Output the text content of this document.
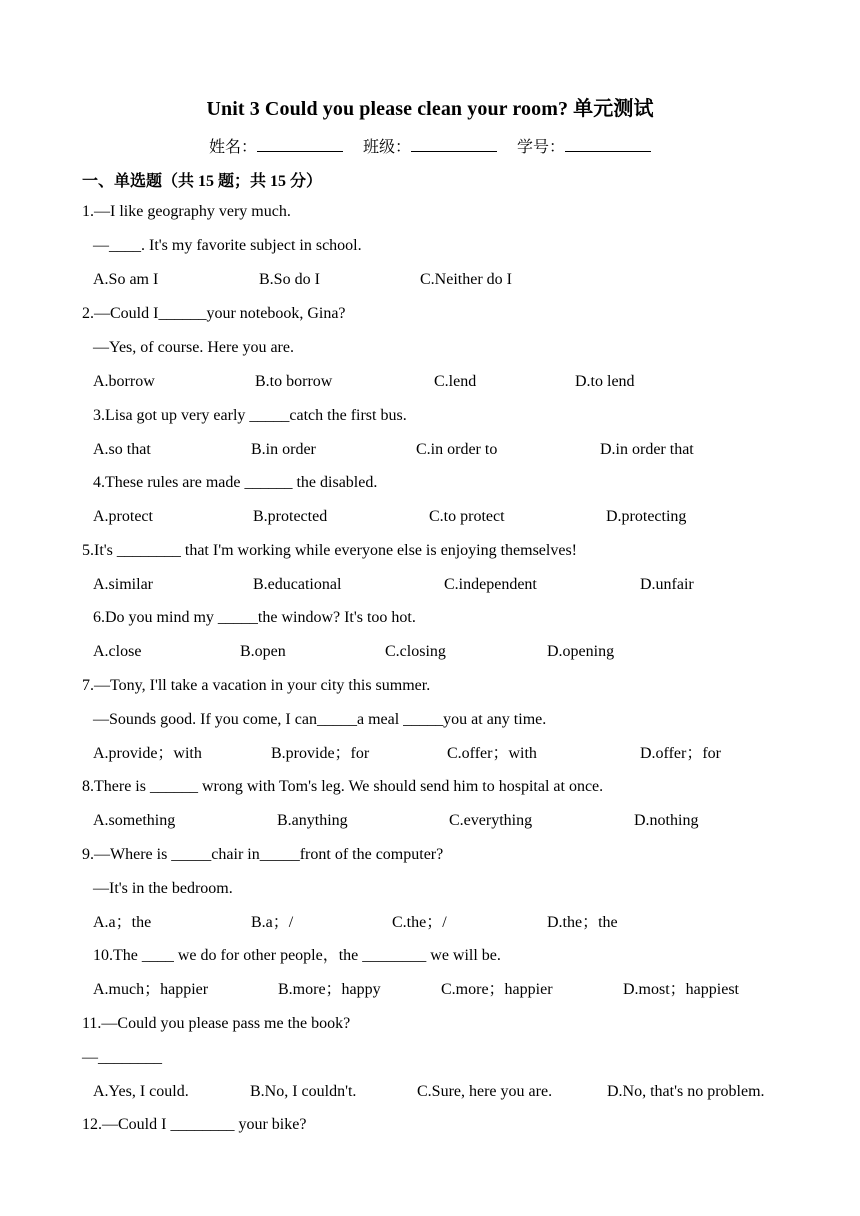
Unit 3 Could you please clean your room? 单元测试
姓名：	班级：	学号：
一、单选题（共 15 题；共 15 分）
1.—I like geography very much.
—____. It's my favorite subject in school.
A.So am I	B.So do I	C.Neither do I
2.—Could I______your notebook, Gina?
—Yes, of course. Here you are.
A.borrow	B.to borrow	C.lend	D.to lend
3.Lisa got up very early _____catch the first bus.
A.so that	B.in order	C.in order to	D.in order that
4.These rules are made ______ the disabled.
A.protect	B.protected	C.to protect	D.protecting
5.It's ________ that I'm working while everyone else is enjoying themselves!
A.similar	B.educational	C.independent	D.unfair
6.Do you mind my _____the window? It's too hot.
A.close	B.open	C.closing	D.opening
7.—Tony, I'll take a vacation in your city this summer.
—Sounds good. If you come, I can_____a meal _____you at any time.
A.provide；with	B.provide；for	C.offer；with	D.offer；for
8.There is ______ wrong with Tom's leg. We should send him to hospital at once.
A.something	B.anything	C.everything	D.nothing
9.—Where is _____chair in_____front of the computer?
—It's in the bedroom.
A.a；the	B.a；/	C.the；/	D.the；the
10.The ____ we do for other people，the ________ we will be.
A.much；happier	B.more；happy	C.more；happier	D.most；happiest
11.—Could you please pass me the book?
—________
A.Yes, I could.	B.No, I couldn't.	C.Sure, here you are.	D.No, that's no problem.
12.—Could I ________ your bike?
